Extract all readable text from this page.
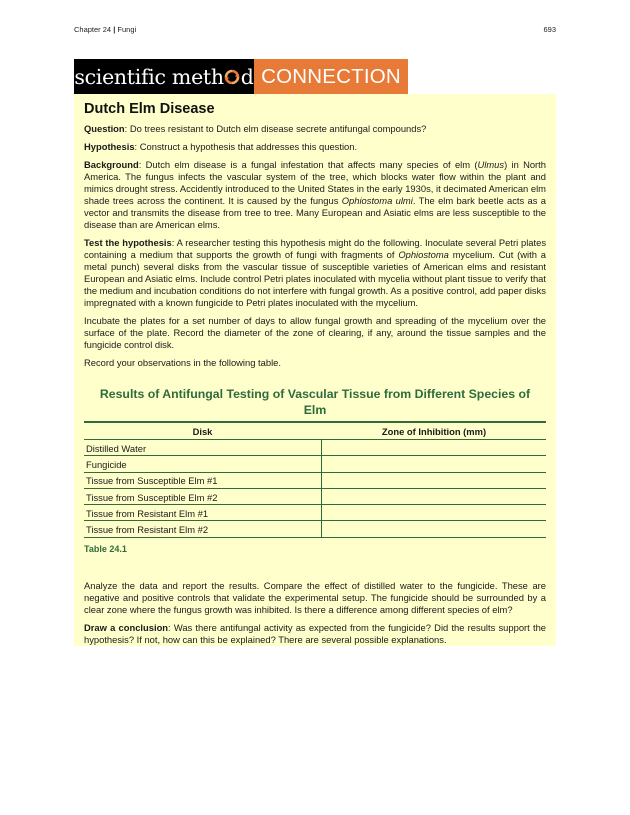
Chapter 24 | Fungi	693
scientific meth d CONNECTION
Dutch Elm Disease

Question: Do trees resistant to Dutch elm disease secrete antifungal compounds?

Hypothesis: Construct a hypothesis that addresses this question.

Background: Dutch elm disease is a fungal infestation that affects many species of elm (Ulmus) in North America. The fungus infects the vascular system of the tree, which blocks water flow within the plant and mimics drought stress. Accidently introduced to the United States in the early 1930s, it decimated American elm shade trees across the continent. It is caused by the fungus Ophiostoma ulmi. The elm bark beetle acts as a vector and transmits the disease from tree to tree. Many European and Asiatic elms are less susceptible to the disease than are American elms.

Test the hypothesis: A researcher testing this hypothesis might do the following. Inoculate several Petri plates containing a medium that supports the growth of fungi with fragments of Ophiostoma mycelium. Cut (with a metal punch) several disks from the vascular tissue of susceptible varieties of American elms and resistant European and Asiatic elms. Include control Petri plates inoculated with mycelia without plant tissue to verify that the medium and incubation conditions do not interfere with fungal growth. As a positive control, add paper disks impregnated with a known fungicide to Petri plates inoculated with the mycelium.

Incubate the plates for a set number of days to allow fungal growth and spreading of the mycelium over the surface of the plate. Record the diameter of the zone of clearing, if any, around the tissue samples and the fungicide control disk.

Record your observations in the following table.

Results of Antifungal Testing of Vascular Tissue from Different Species of Elm
Disk	Zone of Inhibition (mm)
Distilled Water	
Fungicide	
Tissue from Susceptible Elm #1	
Tissue from Susceptible Elm #2	
Tissue from Resistant Elm #1	
Tissue from Resistant Elm #2	
Table 24.1

Analyze the data and report the results. Compare the effect of distilled water to the fungicide. These are negative and positive controls that validate the experimental setup. The fungicide should be surrounded by a clear zone where the fungus growth was inhibited. Is there a difference among different species of elm?

Draw a conclusion: Was there antifungal activity as expected from the fungicide? Did the results support the hypothesis? If not, how can this be explained? There are several possible explanations.
